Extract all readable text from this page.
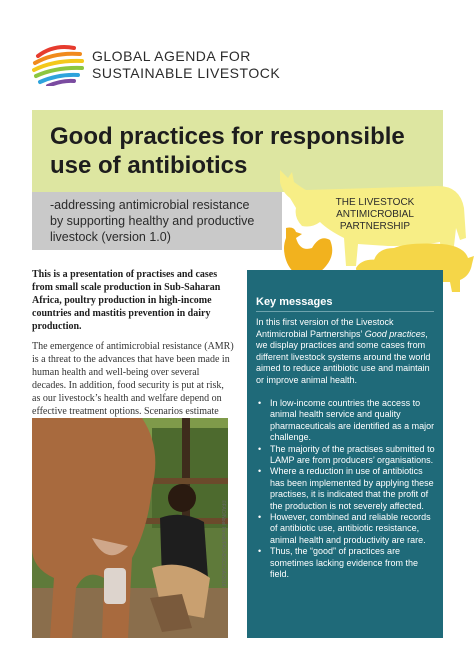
GLOBAL AGENDA FOR
SUSTAINABLE LIVESTOCK
Good practices for responsible
use of antibiotics
-addressing antimicrobial resistance
by supporting healthy and productive
livestock (version 1.0)
THE LIVESTOCK
ANTIMICROBIAL
PARTNERSHIP
This is a presentation of practises and cases from small scale production in Sub-Saharan Africa, poultry production in high-income countries and mastitis prevention in dairy production.
The emergence of antimicrobial resistance (AMR) is a threat to the advances that have been made in human health and well-being over several decades. In addition, food security is put at risk, as our livestock’s health and welfare depend on effective treatment options. Scenarios estimate
©FAO/Noel Ferelli/FAO-BSCCSA/2016
Key messages
In this first version of the Livestock Antimicrobial Partnerships’ Good practices, we display practices and some cases from different livestock systems around the world aimed to reduce antibiotic use and maintain or improve animal health.
• In low-income countries the access to animal health service and quality pharmaceuticals are identified as a major challenge.
• The majority of the practises submitted to LAMP are from producers’ organisations.
• Where a reduction in use of antibiotics has been implemented by applying these practises, it is indicated that the profit of the production is not severely affected.
• However, combined and reliable records of antibiotic use, antibiotic resistance, animal health and productivity are rare.
• Thus, the “good” of practices are sometimes lacking evidence from the field.
